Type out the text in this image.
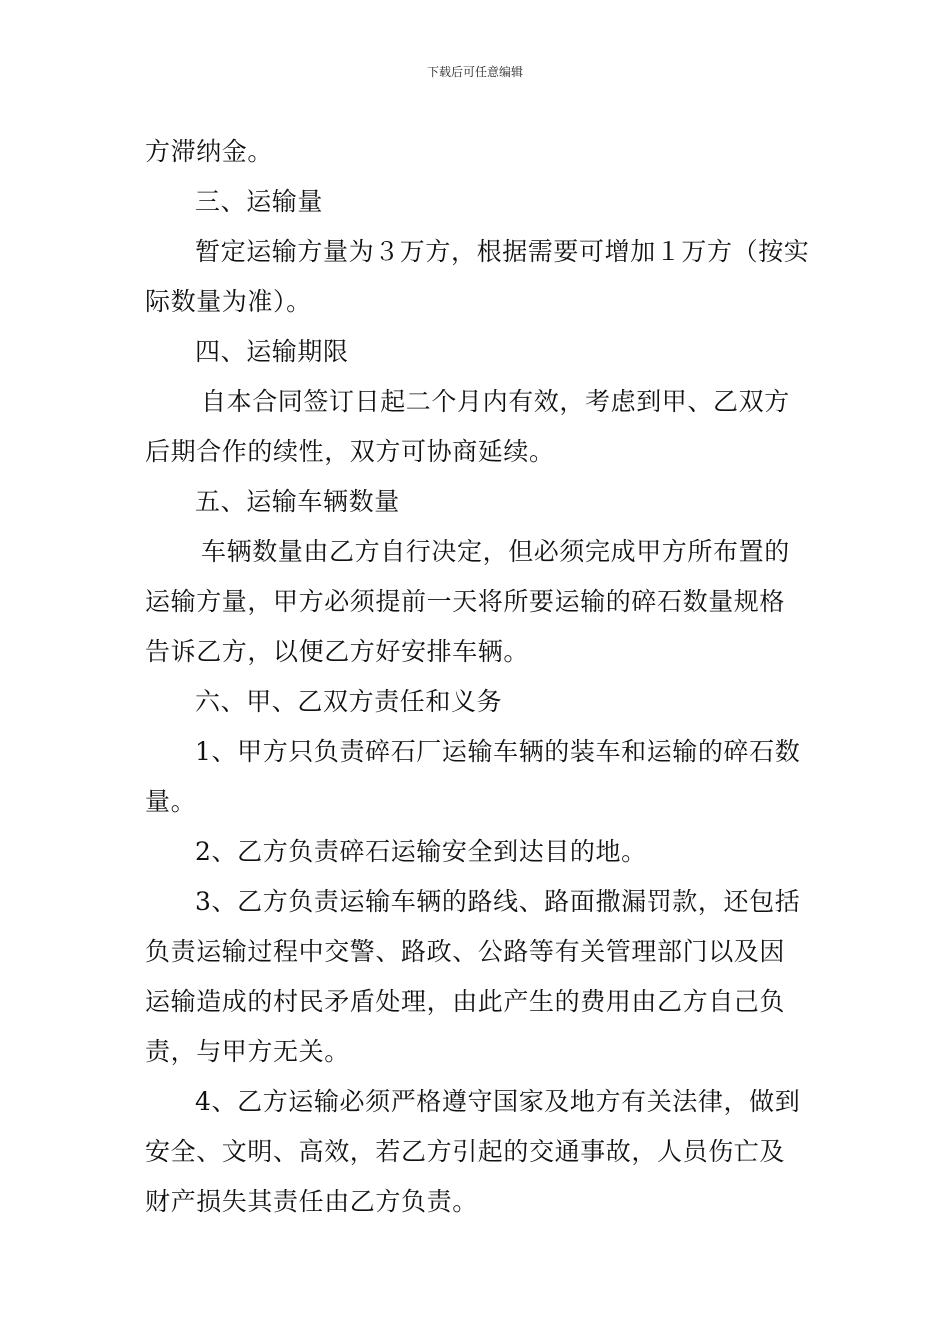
下载后可任意编辑
方滞纳金。
三、运输量
暂定运输方量为３万方，根据需要可增加１万方（按实
际数量为准）。
四、运输期限
自本合同签订日起二个月内有效，考虑到甲、乙双方
后期合作的续性，双方可协商延续。
五、运输车辆数量
车辆数量由乙方自行决定，但必须完成甲方所布置的
运输方量，甲方必须提前一天将所要运输的碎石数量规格
告诉乙方，以便乙方好安排车辆。
六、甲、乙双方责任和义务
1、甲方只负责碎石厂运输车辆的装车和运输的碎石数
量。
2、乙方负责碎石运输安全到达目的地。
3、乙方负责运输车辆的路线、路面撒漏罚款，还包括
负责运输过程中交警、路政、公路等有关管理部门以及因
运输造成的村民矛盾处理，由此产生的费用由乙方自己负
责，与甲方无关。
4、乙方运输必须严格遵守国家及地方有关法律，做到
安全、文明、高效，若乙方引起的交通事故，人员伤亡及
财产损失其责任由乙方负责。
